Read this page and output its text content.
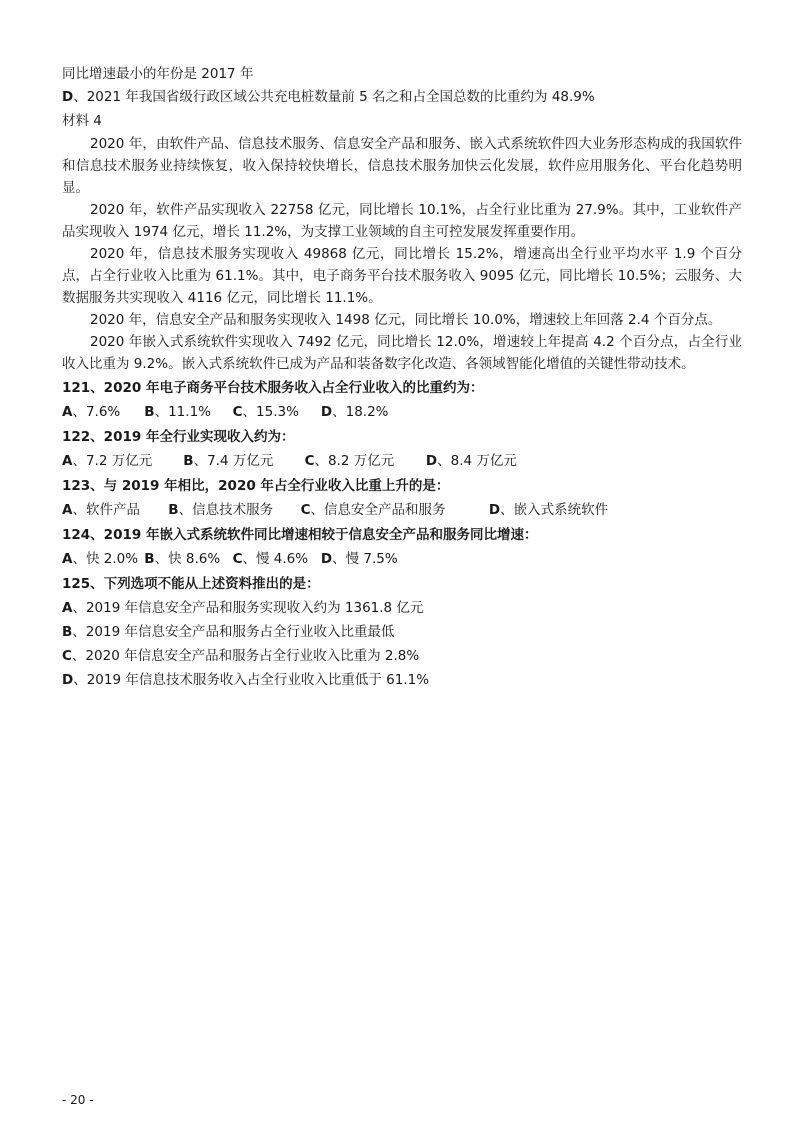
同比增速最小的年份是 2017 年
D、2021 年我国省级行政区域公共充电桩数量前 5 名之和占全国总数的比重约为 48.9%
材料 4
2020 年，由软件产品、信息技术服务、信息安全产品和服务、嵌入式系统软件四大业务形态构成的我国软件和信息技术服务业持续恢复，收入保持较快增长，信息技术服务加快云化发展，软件应用服务化、平台化趋势明显。
2020 年，软件产品实现收入 22758 亿元，同比增长 10.1%，占全行业比重为 27.9%。其中，工业软件产品实现收入 1974 亿元，增长 11.2%，为支撑工业领域的自主可控发展发挥重要作用。
2020 年，信息技术服务实现收入 49868 亿元，同比增长 15.2%，增速高出全行业平均水平 1.9 个百分点，占全行业收入比重为 61.1%。其中，电子商务平台技术服务收入 9095 亿元，同比增长 10.5%；云服务、大数据服务共实现收入 4116 亿元，同比增长 11.1%。
2020 年，信息安全产品和服务实现收入 1498 亿元，同比增长 10.0%，增速较上年回落 2.4 个百分点。
2020 年嵌入式系统软件实现收入 7492 亿元，同比增长 12.0%，增速较上年提高 4.2 个百分点，占全行业收入比重为 9.2%。嵌入式系统软件已成为产品和装备数字化改造、各领域智能化增值的关键性带动技术。
121、2020 年电子商务平台技术服务收入占全行业收入的比重约为：
A、7.6% B、11.1% C、15.3% D、18.2%
122、2019 年全行业实现收入约为：
A、7.2 万亿元 B、7.4 万亿元 C、8.2 万亿元 D、8.4 万亿元
123、与 2019 年相比，2020 年占全行业收入比重上升的是：
A、软件产品 B、信息技术服务 C、信息安全产品和服务	D、嵌入式系统软件
124、2019 年嵌入式系统软件同比增速相较于信息安全产品和服务同比增速：
A、快 2.0% B、快 8.6% C、慢 4.6% D、慢 7.5%
125、下列选项不能从上述资料推出的是：
A、2019 年信息安全产品和服务实现收入约为 1361.8 亿元
B、2019 年信息安全产品和服务占全行业收入比重最低
C、2020 年信息安全产品和服务占全行业收入比重为 2.8%
D、2019 年信息技术服务收入占全行业收入比重低于 61.1%
- 20 -
